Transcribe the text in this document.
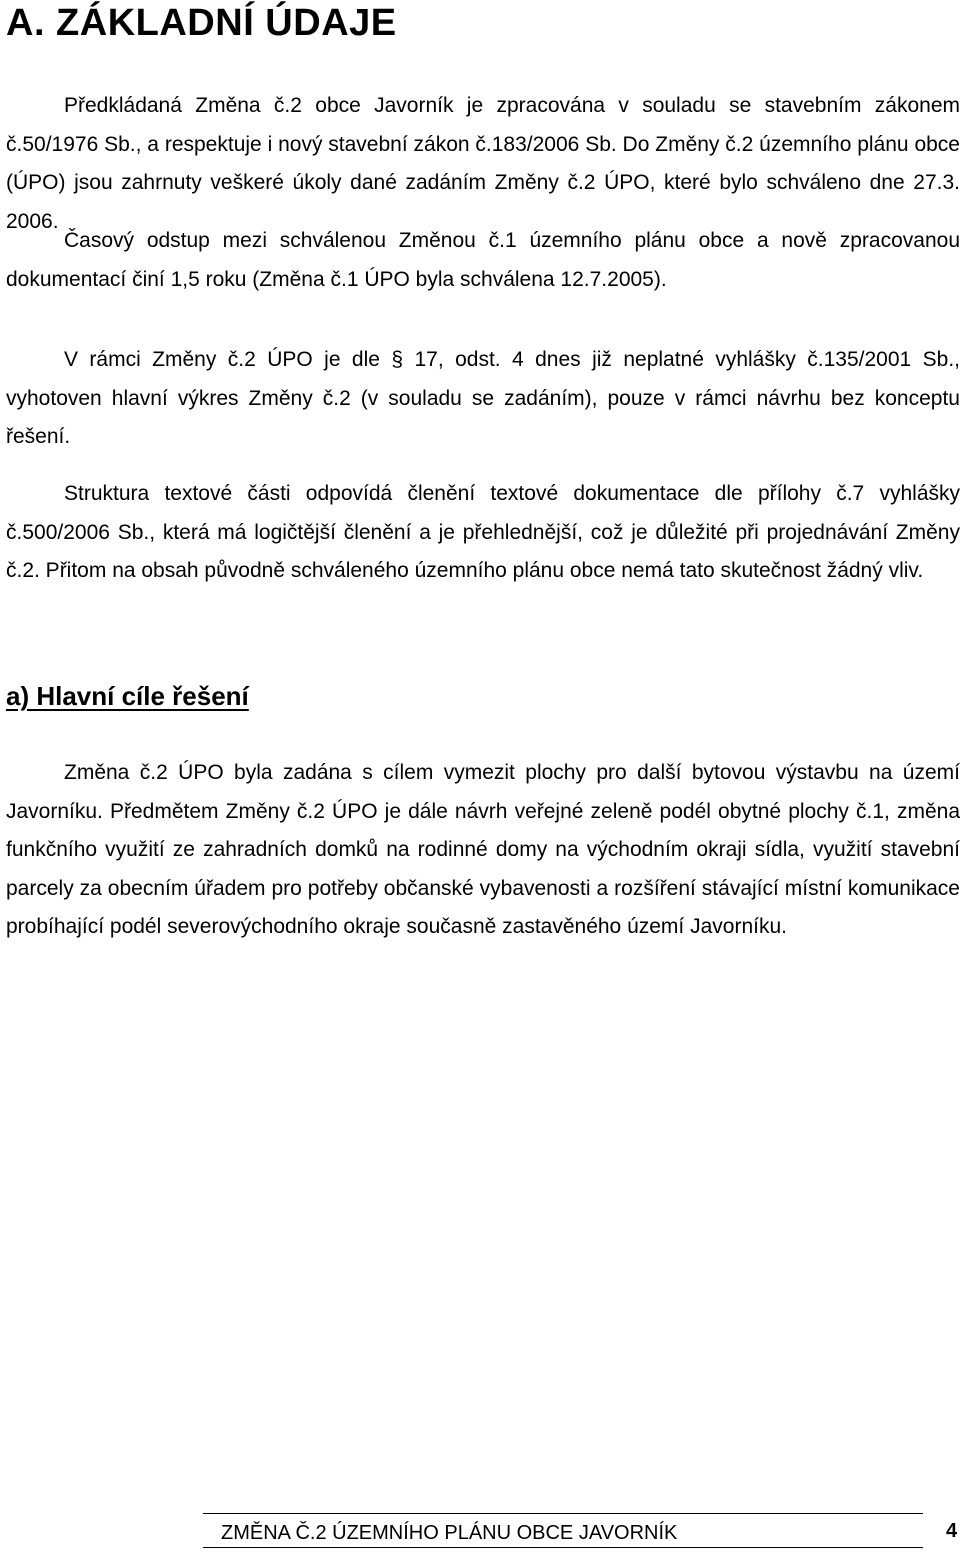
A. ZÁKLADNÍ ÚDAJE

Předkládaná Změna č.2 obce Javorník je zpracována v souladu se stavebním zákonem č.50/1976 Sb., a respektuje i nový stavební zákon č.183/2006 Sb. Do Změny č.2 územního plánu obce (ÚPO) jsou zahrnuty veškeré úkoly dané zadáním Změny č.2 ÚPO, které bylo schváleno dne 27.3. 2006.

Časový odstup mezi schválenou Změnou č.1 územního plánu obce a nově zpracovanou dokumentací činí 1,5 roku (Změna č.1 ÚPO byla schválena 12.7.2005).

V rámci Změny č.2 ÚPO je dle § 17, odst. 4 dnes již neplatné vyhlášky č.135/2001 Sb., vyhotoven hlavní výkres Změny č.2 (v souladu se zadáním), pouze v rámci návrhu bez konceptu řešení.

Struktura textové části odpovídá členění textové dokumentace dle přílohy č.7 vyhlášky č.500/2006 Sb., která má logičtější členění a je přehlednější, což je důležité při projednávání Změny č.2. Přitom na obsah původně schváleného územního plánu obce nemá tato skutečnost žádný vliv.

a) Hlavní cíle řešení

Změna č.2 ÚPO byla zadána s cílem vymezit plochy pro další bytovou výstavbu na území Javorníku. Předmětem Změny č.2 ÚPO je dále návrh veřejné zeleně podél obytné plochy č.1, změna funkčního využití ze zahradních domků na rodinné domy na východním okraji sídla, využití stavební parcely za obecním úřadem pro potřeby občanské vybavenosti a rozšíření stávající místní komunikace probíhající podél severovýchodního okraje současně zastavěného území Javorníku.

ZMĚNA Č.2 ÚZEMNÍHO PLÁNU OBCE JAVORNÍK	4
